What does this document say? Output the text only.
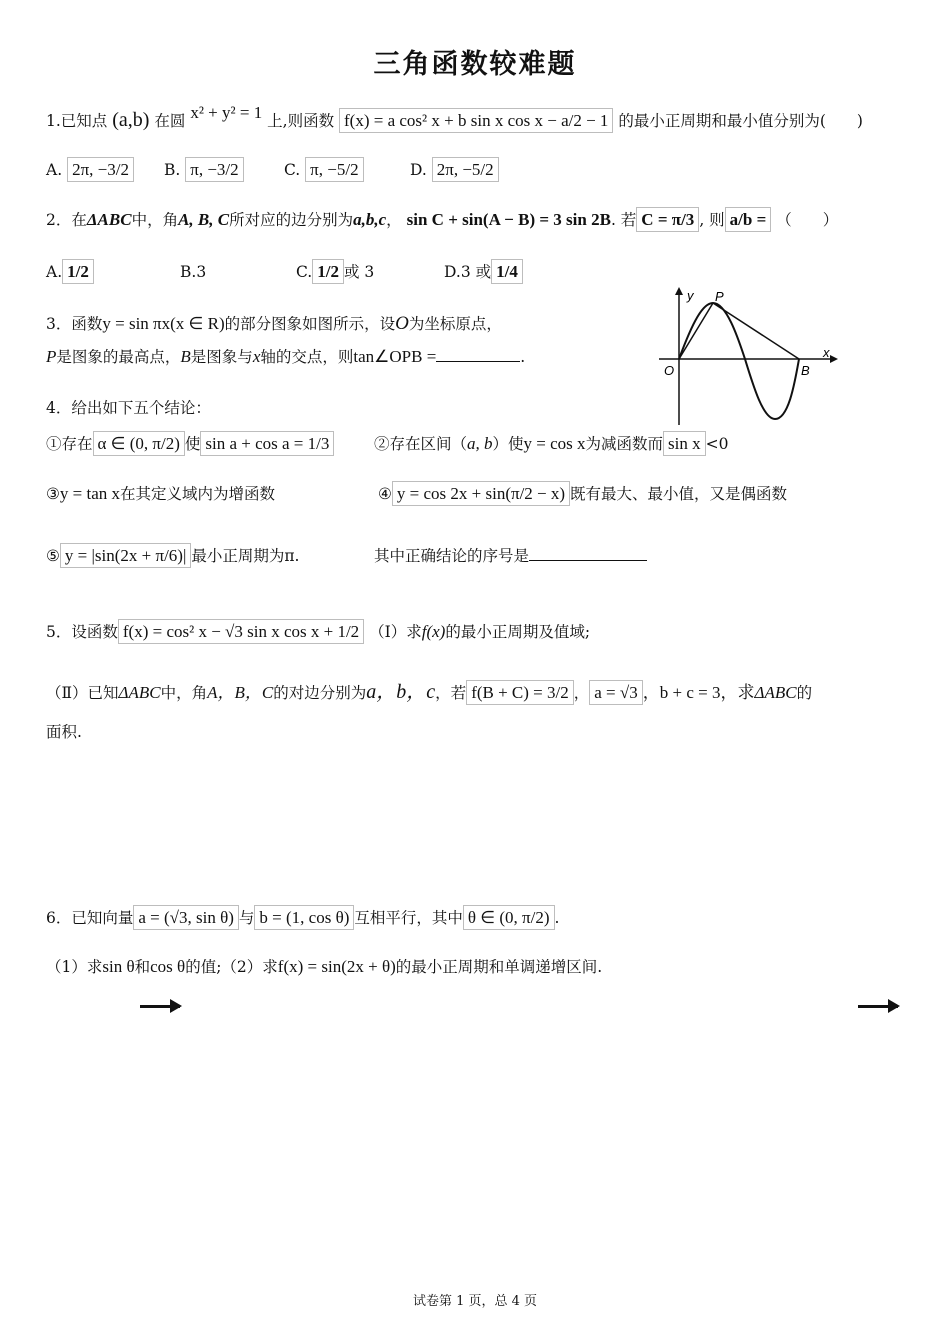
三角函数较难题
1.已知点 (a,b) 在圆 x² + y² = 1 上,则函数 f(x) = a cos² x + b sin x cos x − a/2 − 1 的最小正周期和最小值分别为(　　)
A. 2π, −3/2	B. π, −3/2	C. π, −5/2	D. 2π, −5/2
2．在ΔABC中，角A, B, C所对应的边分别为a,b,c， sin C + sin(A − B) = 3 sin 2B. 若 C = π/3 , 则 a/b = （　　）
A. 1/2	B.3	C. 1/2 或 3	D.3 或 1/4
3．函数y = sin πx(x ∈ R)的部分图象如图所示，设O为坐标原点，
P是图象的最高点，B是图象与x轴的交点，则tan∠OPB =	.
y P
x
O	B
4．给出如下五个结论：
①存在 α ∈ (0, π/2) 使 sin a + cos a = 1/3	②存在区间（a, b）使y = cos x为减函数而 sin x <0
③y = tan x在其定义域内为增函数	④ y = cos 2x + sin(π/2 − x) 既有最大、最小值，又是偶函数
⑤ y = |sin(2x + π/6)| 最小正周期为π.	其中正确结论的序号是
5．设函数 f(x) = cos² x − √3 sin x cos x + 1/2 （Ⅰ）求f(x)的最小正周期及值域;
（Ⅱ）已知ΔABC中，角A，B，C的对边分别为a，b，c，若 f(B + C) = 3/2 ， a = √3 ，b + c = 3，求ΔABC的
面积.
6．已知向量 a = (√3, sin θ) 与 b = (1, cos θ) 互相平行，其中 θ ∈ (0, π/2) .
（1）求sin θ和cos θ的值;（2）求f(x) = sin(2x + θ)的最小正周期和单调递增区间.
试卷第 1 页，总 4 页
